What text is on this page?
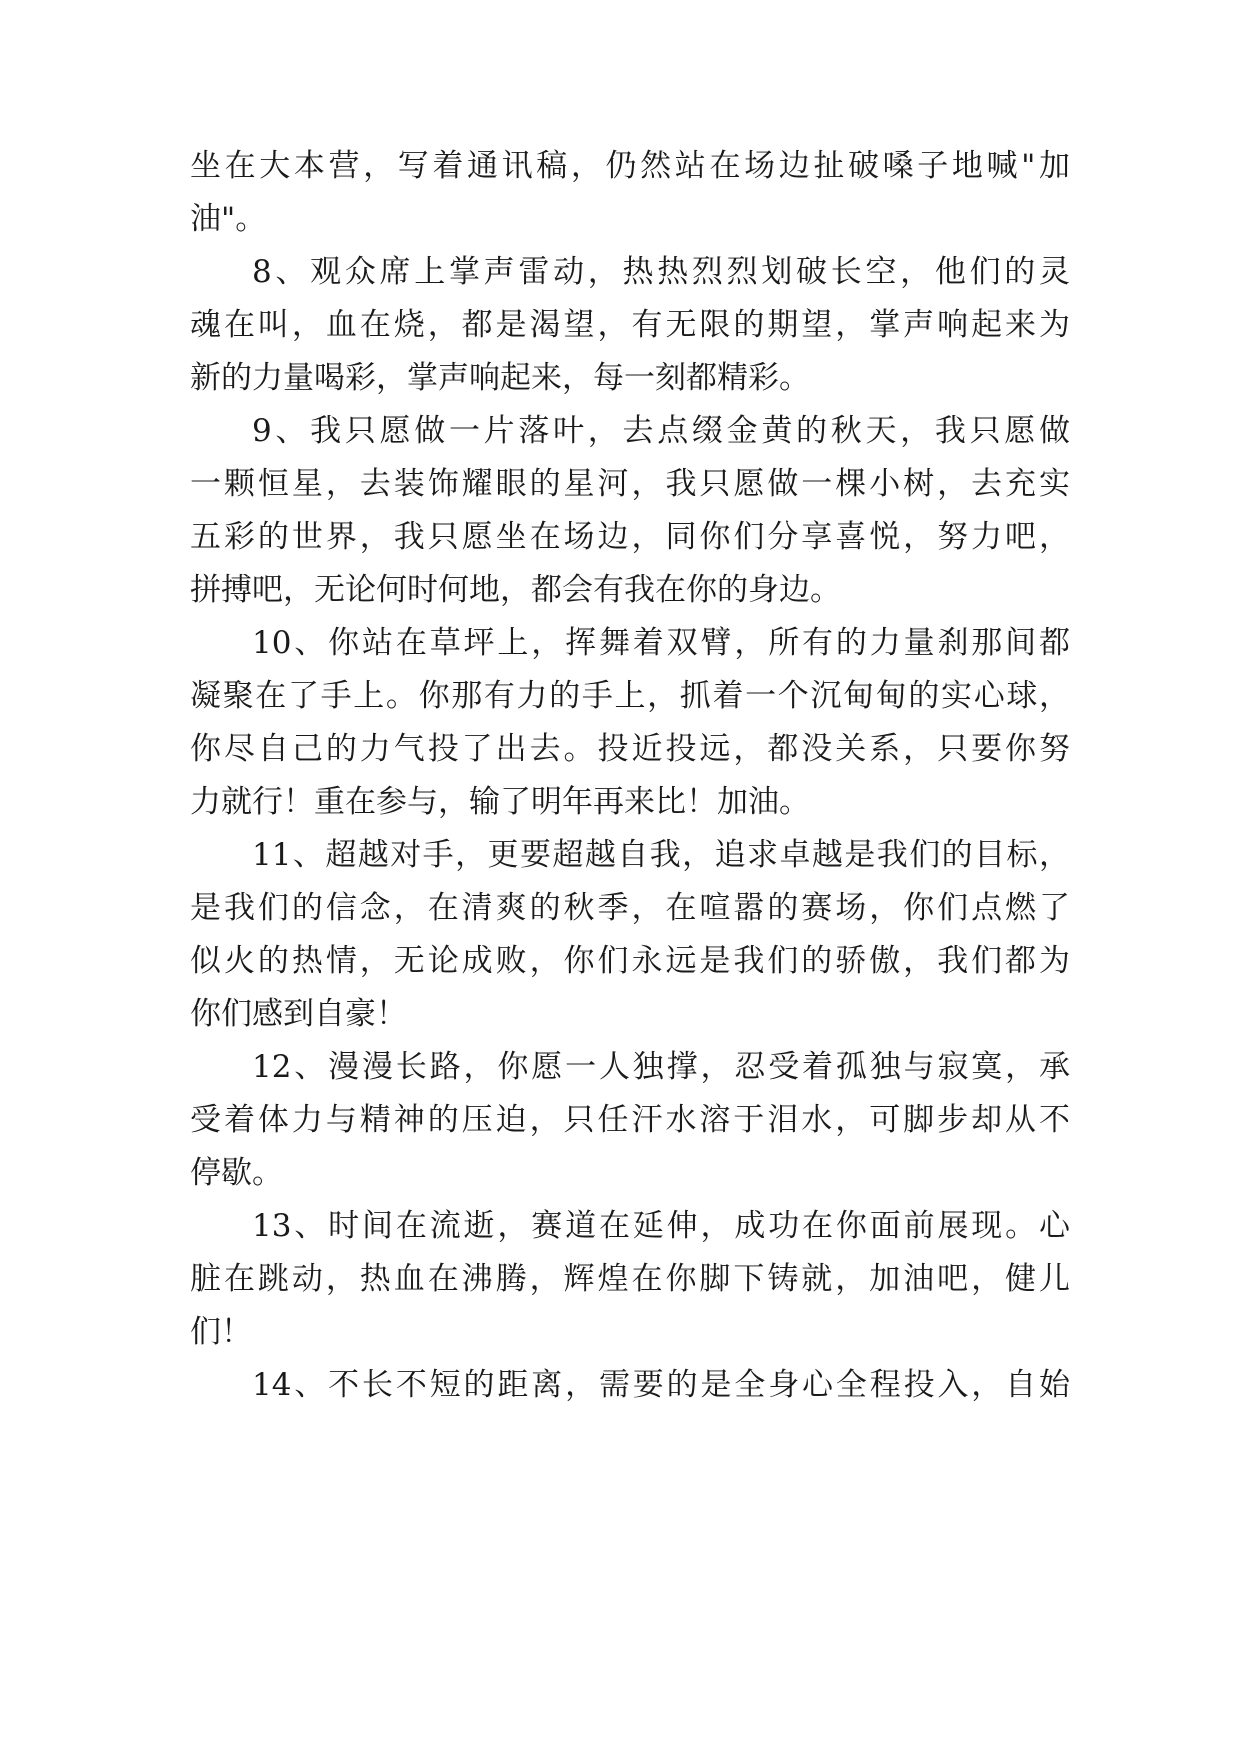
坐在大本营，写着通讯稿，仍然站在场边扯破嗓子地喊"加

油"。

8、观众席上掌声雷动，热热烈烈划破长空，他们的灵

魂在叫，血在烧，都是渴望，有无限的期望，掌声响起来为

新的力量喝彩，掌声响起来，每一刻都精彩。

9、我只愿做一片落叶，去点缀金黄的秋天，我只愿做

一颗恒星，去装饰耀眼的星河，我只愿做一棵小树，去充实

五彩的世界，我只愿坐在场边，同你们分享喜悦，努力吧，

拼搏吧，无论何时何地，都会有我在你的身边。

10、你站在草坪上，挥舞着双臂，所有的力量刹那间都

凝聚在了手上。你那有力的手上，抓着一个沉甸甸的实心球，

你尽自己的力气投了出去。投近投远，都没关系，只要你努

力就行！重在参与，输了明年再来比！加油。

11、超越对手，更要超越自我，追求卓越是我们的目标，

是我们的信念，在清爽的秋季，在喧嚣的赛场，你们点燃了

似火的热情，无论成败，你们永远是我们的骄傲，我们都为

你们感到自豪！

12、漫漫长路，你愿一人独撑，忍受着孤独与寂寞，承

受着体力与精神的压迫，只任汗水溶于泪水，可脚步却从不

停歇。

13、时间在流逝，赛道在延伸，成功在你面前展现。心

脏在跳动，热血在沸腾，辉煌在你脚下铸就，加油吧，健儿

们！

14、不长不短的距离，需要的是全身心全程投入，自始
